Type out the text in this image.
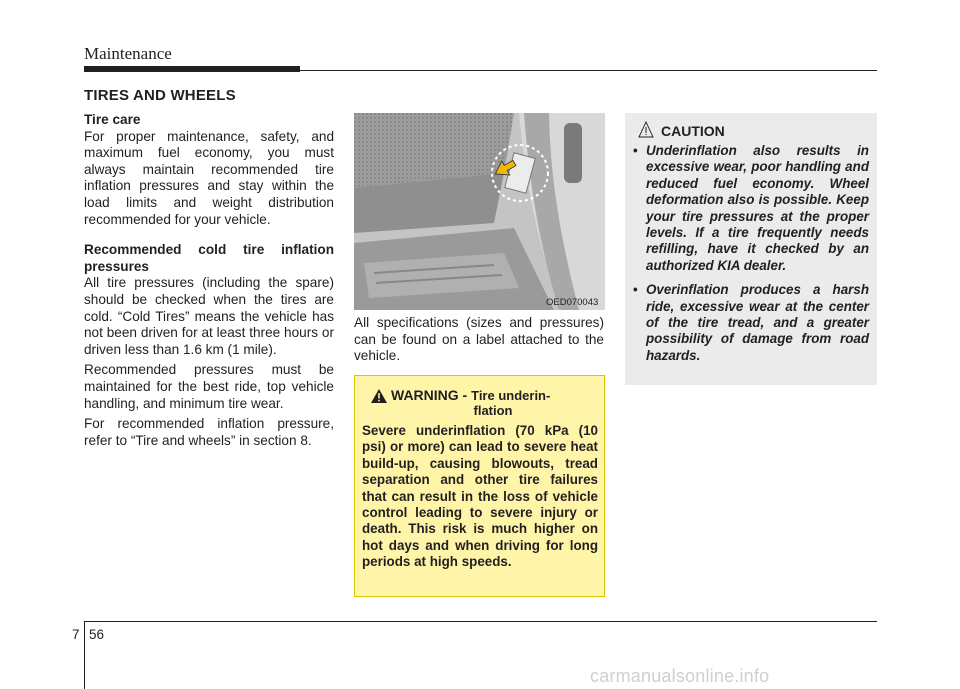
Maintenance
TIRES AND WHEELS

Tire care

For proper maintenance, safety, and maximum fuel economy, you must always maintain recommended tire inflation pressures and stay within the load limits and weight distribution recommended for your vehicle.

Recommended cold tire inflation pressures

All tire pressures (including the spare) should be checked when the tires are cold. “Cold Tires” means the vehicle has not been driven for at least three hours or driven less than 1.6 km (1 mile).

Recommended pressures must be maintained for the best ride, top vehicle handling, and minimum tire wear.

For recommended inflation pressure, refer to “Tire and wheels” in section 8.

OED070043
All specifications (sizes and pressures) can be found on a label attached to the vehicle.
WARNING - Tire underin-
flation
Severe underinflation (70 kPa (10 psi) or more) can lead to severe heat build-up, causing blowouts, tread separation and other tire failures that can result in the loss of vehicle control leading to severe injury or death. This risk is much higher on hot days and when driving for long periods at high speeds.
CAUTION
• Underinflation also results in excessive wear, poor handling and reduced fuel economy. Wheel deformation also is possible. Keep your tire pressures at the proper levels. If a tire frequently needs refilling, have it checked by an authorized KIA dealer.
• Overinflation produces a harsh ride, excessive wear at the center of the tire tread, and a greater possibility of damage from road hazards.
7 56
carmanualsonline.info
